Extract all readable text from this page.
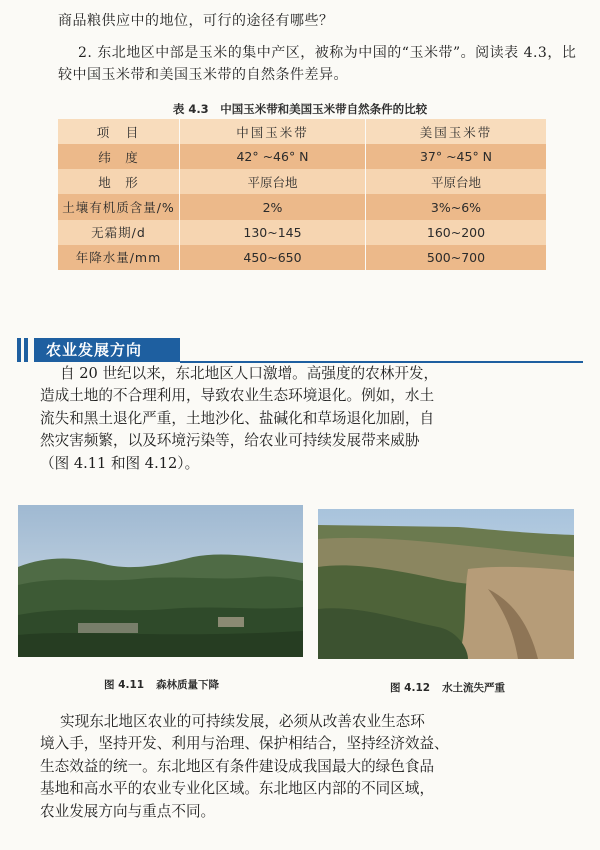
商品粮供应中的地位，可行的途径有哪些？
2. 东北地区中部是玉米的集中产区，被称为中国的“玉米带”。阅读表 4.3，比
较中国玉米带和美国玉米带的自然条件差异。
表 4.3　中国玉米带和美国玉米带自然条件的比较
项　目	中国玉米带	美国玉米带
纬　度	42° ~46° N	37° ~45° N
地　形	平原台地	平原台地
土壤有机质含量/%	2%	3%~6%
无霜期/d	130~145	160~200
年降水量/mm	450~650	500~700
农业发展方向
自 20 世纪以来，东北地区人口激增。高强度的农林开发，
造成土地的不合理利用，导致农业生态环境退化。例如，水土
流失和黑土退化严重，土地沙化、盐碱化和草场退化加剧，自
然灾害频繁，以及环境污染等，给农业可持续发展带来威胁
（图 4.11 和图 4.12）。
图 4.11 森林质量下降	图 4.12 水土流失严重
实现东北地区农业的可持续发展，必须从改善农业生态环
境入手，坚持开发、利用与治理、保护相结合，坚持经济效益、
生态效益的统一。东北地区有条件建设成我国最大的绿色食品
基地和高水平的农业专业化区域。东北地区内部的不同区域，
农业发展方向与重点不同。
